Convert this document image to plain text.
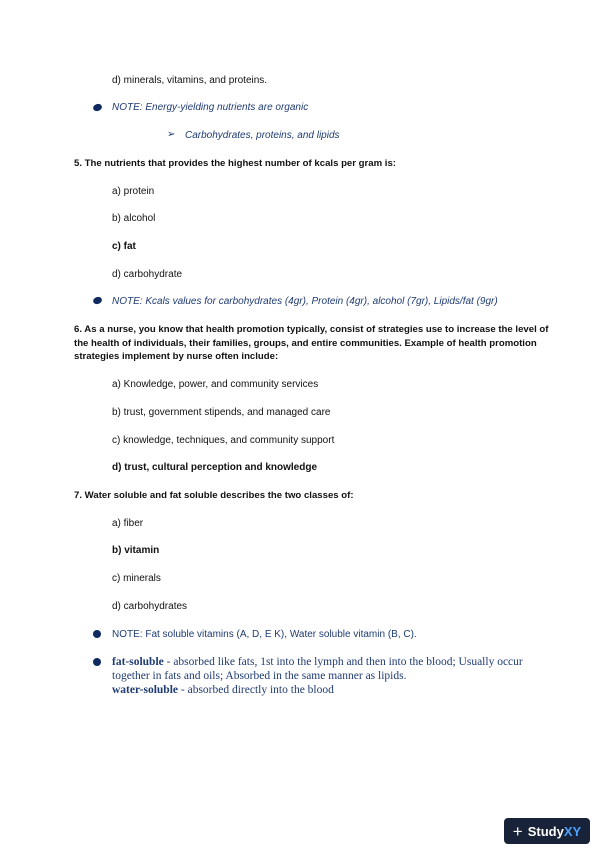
d) minerals, vitamins, and proteins.
NOTE: Energy-yielding nutrients are organic
➢ Carbohydrates, proteins, and lipids
5. The nutrients that provides the highest number of kcals per gram is:
a) protein
b) alcohol
c) fat
d) carbohydrate
NOTE: Kcals values for carbohydrates (4gr), Protein (4gr), alcohol (7gr), Lipids/fat (9gr)
6. As a nurse, you know that health promotion typically, consist of strategies use to increase the level of the health of individuals, their families, groups, and entire communities. Example of health promotion strategies implement by nurse often include:
a) Knowledge, power, and community services
b) trust, government stipends, and managed care
c) knowledge, techniques, and community support
d) trust, cultural perception and knowledge
7. Water soluble and fat soluble describes the two classes of:
a) fiber
b) vitamin
c) minerals
d) carbohydrates
NOTE: Fat soluble vitamins (A, D, E K), Water soluble vitamin (B, C).
fat-soluble - absorbed like fats, 1st into the lymph and then into the blood; Usually occur together in fats and oils; Absorbed in the same manner as lipids.
water-soluble - absorbed directly into the blood
+ Study XY
